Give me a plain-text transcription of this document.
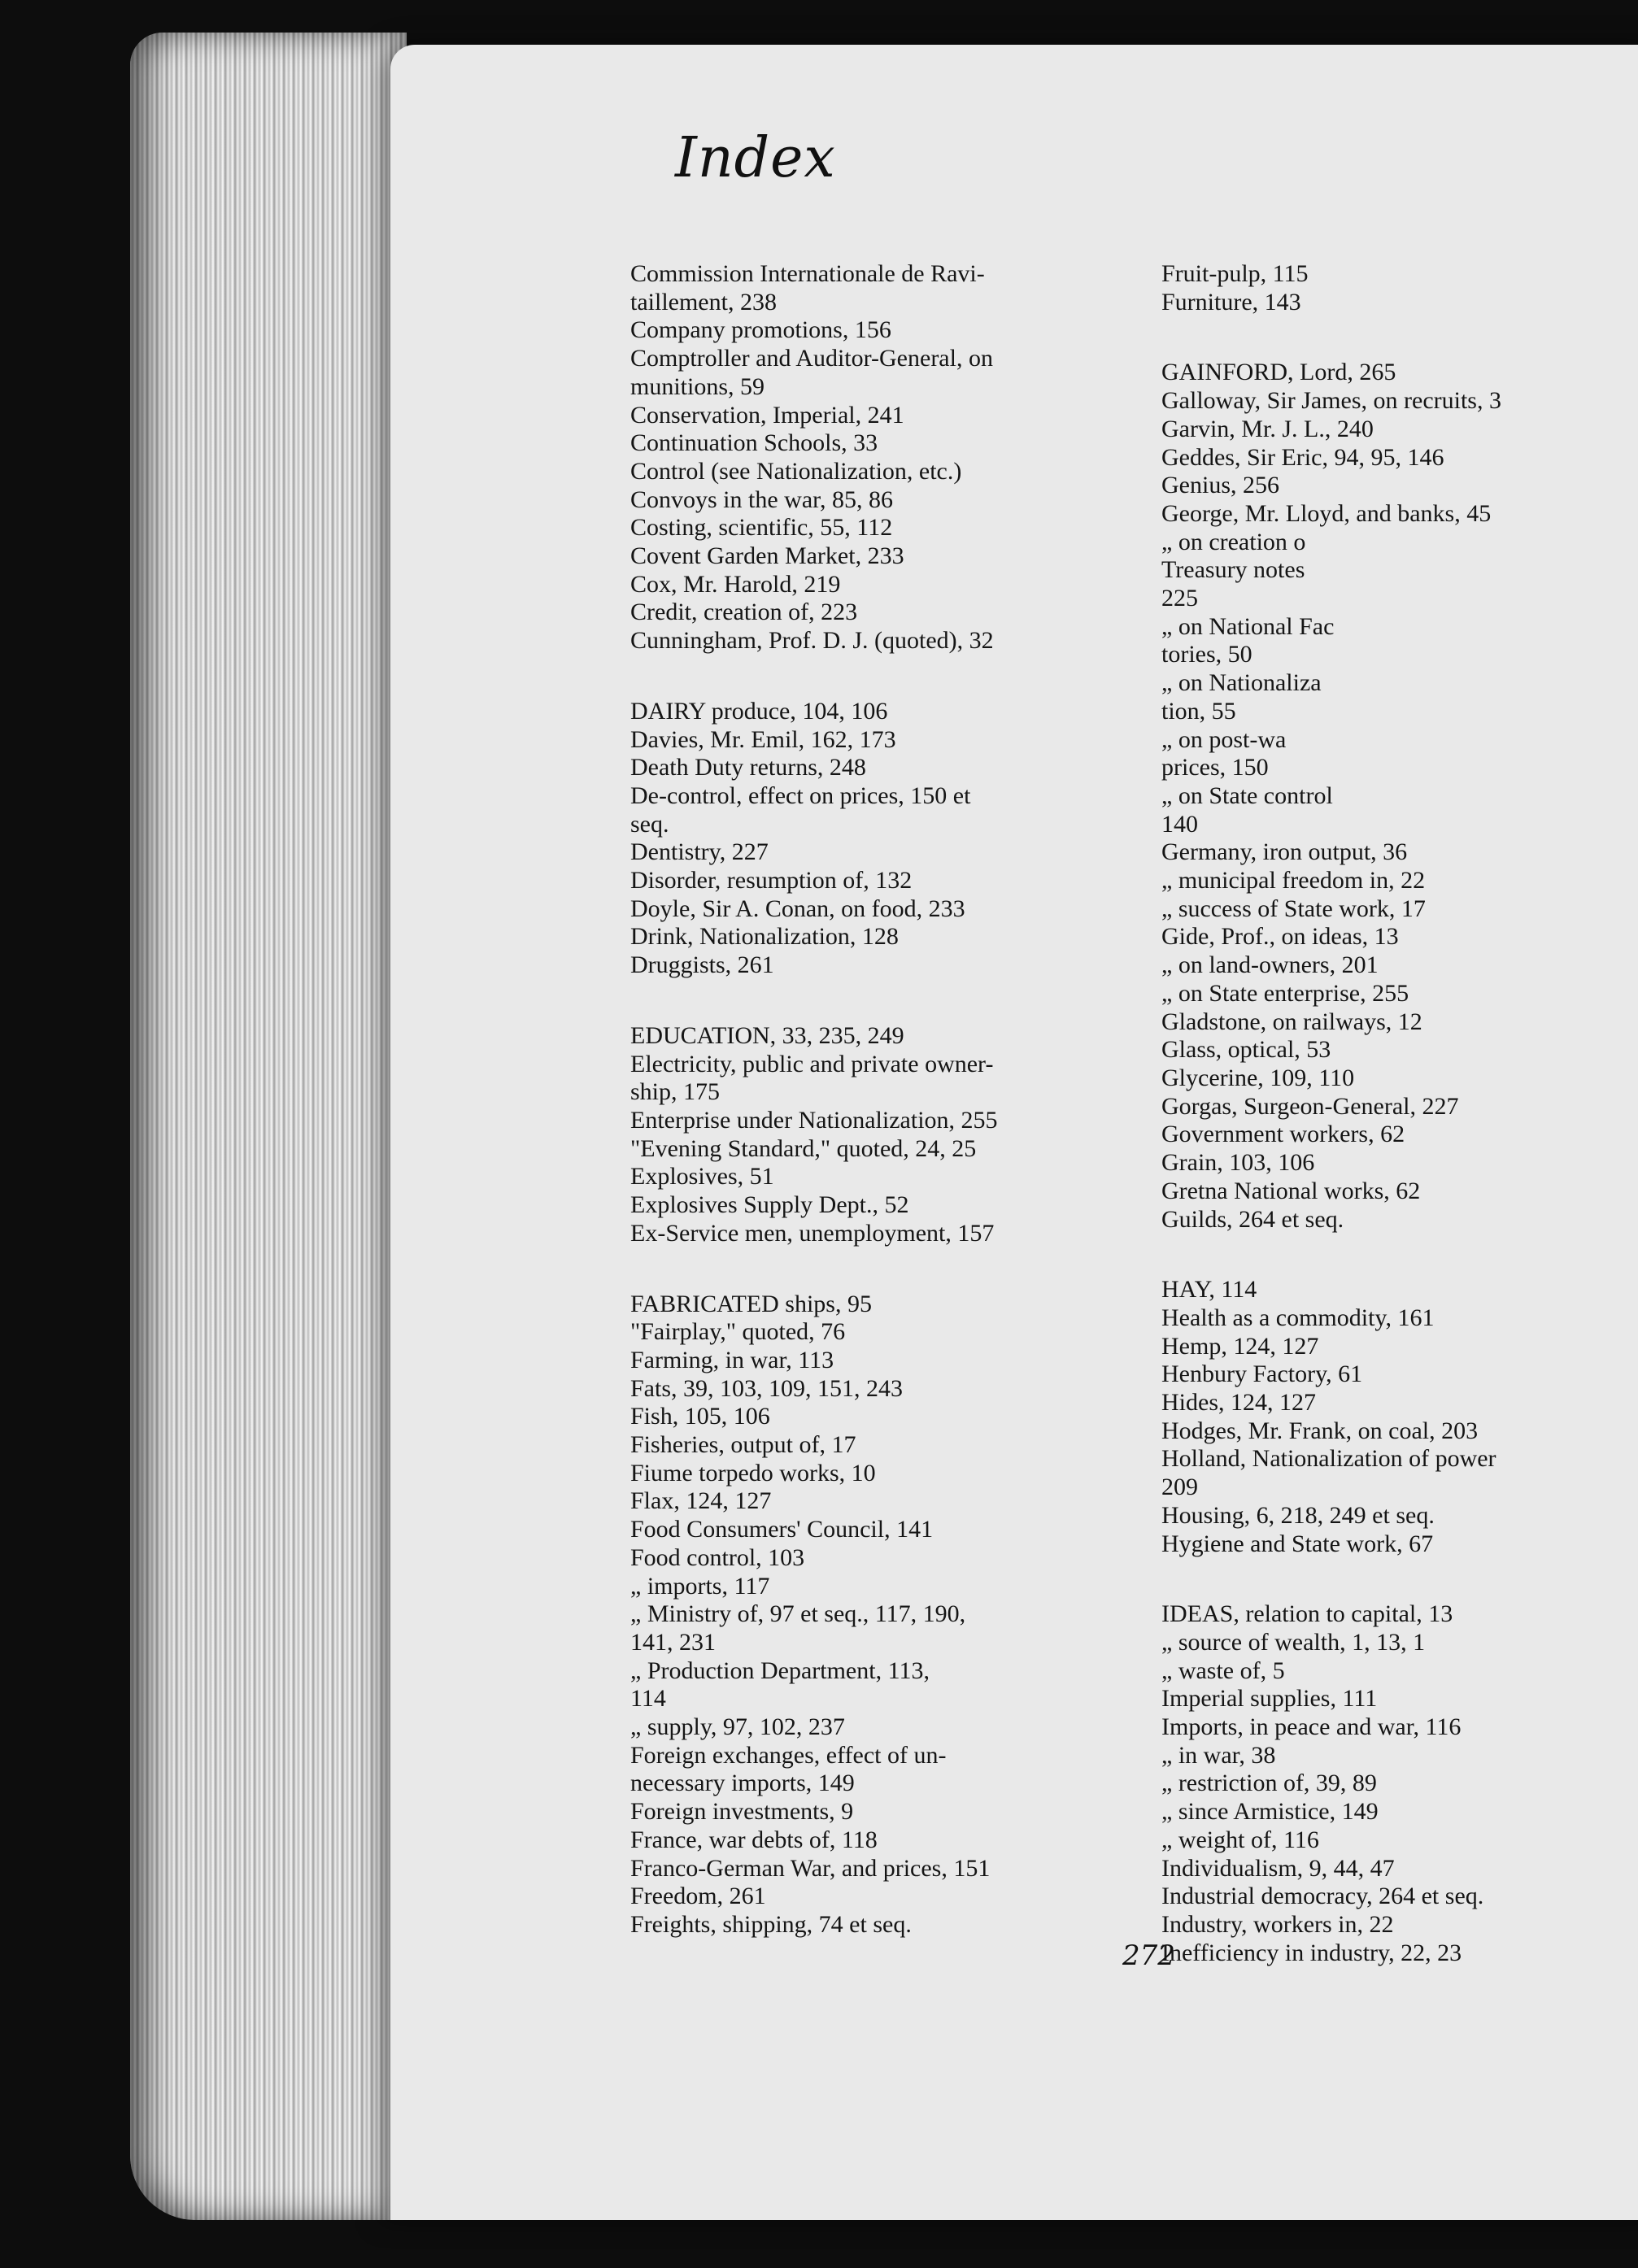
Index
Commission Internationale de Ravi-
taillement, 238
Company promotions, 156
Comptroller and Auditor-General, on
munitions, 59
Conservation, Imperial, 241
Continuation Schools, 33
Control (see Nationalization, etc.)
Convoys in the war, 85, 86
Costing, scientific, 55, 112
Covent Garden Market, 233
Cox, Mr. Harold, 219
Credit, creation of, 223
Cunningham, Prof. D. J. (quoted), 32
DAIRY produce, 104, 106
Davies, Mr. Emil, 162, 173
Death Duty returns, 248
De-control, effect on prices, 150 et
seq.
Dentistry, 227
Disorder, resumption of, 132
Doyle, Sir A. Conan, on food, 233
Drink, Nationalization, 128
Druggists, 261
EDUCATION, 33, 235, 249
Electricity, public and private owner-
ship, 175
Enterprise under Nationalization, 255
"Evening Standard," quoted, 24, 25
Explosives, 51
Explosives Supply Dept., 52
Ex-Service men, unemployment, 157
FABRICATED ships, 95
"Fairplay," quoted, 76
Farming, in war, 113
Fats, 39, 103, 109, 151, 243
Fish, 105, 106
Fisheries, output of, 17
Fiume torpedo works, 10
Flax, 124, 127
Food Consumers' Council, 141
Food control, 103
„ imports, 117
„ Ministry of, 97 et seq., 117, 190,
141, 231
„ Production Department, 113,
114
„ supply, 97, 102, 237
Foreign exchanges, effect of un-
necessary imports, 149
Foreign investments, 9
France, war debts of, 118
Franco-German War, and prices, 151
Freedom, 261
Freights, shipping, 74 et seq.
Fruit-pulp, 115
Furniture, 143
GAINFORD, Lord, 265
Galloway, Sir James, on recruits, 3
Garvin, Mr. J. L., 240
Geddes, Sir Eric, 94, 95, 146
Genius, 256
George, Mr. Lloyd, and banks, 45
„ on creation o
Treasury notes
225
„ on National Fac
tories, 50
„ on Nationaliza
tion, 55
„ on post-wa
prices, 150
„ on State control
140
Germany, iron output, 36
„ municipal freedom in, 22
„ success of State work, 17
Gide, Prof., on ideas, 13
„ on land-owners, 201
„ on State enterprise, 255
Gladstone, on railways, 12
Glass, optical, 53
Glycerine, 109, 110
Gorgas, Surgeon-General, 227
Government workers, 62
Grain, 103, 106
Gretna National works, 62
Guilds, 264 et seq.
HAY, 114
Health as a commodity, 161
Hemp, 124, 127
Henbury Factory, 61
Hides, 124, 127
Hodges, Mr. Frank, on coal, 203
Holland, Nationalization of power
209
Housing, 6, 218, 249 et seq.
Hygiene and State work, 67
IDEAS, relation to capital, 13
„ source of wealth, 1, 13, 1
„ waste of, 5
Imperial supplies, 111
Imports, in peace and war, 116
„ in war, 38
„ restriction of, 39, 89
„ since Armistice, 149
„ weight of, 116
Individualism, 9, 44, 47
Industrial democracy, 264 et seq.
Industry, workers in, 22
Inefficiency in industry, 22, 23
272
